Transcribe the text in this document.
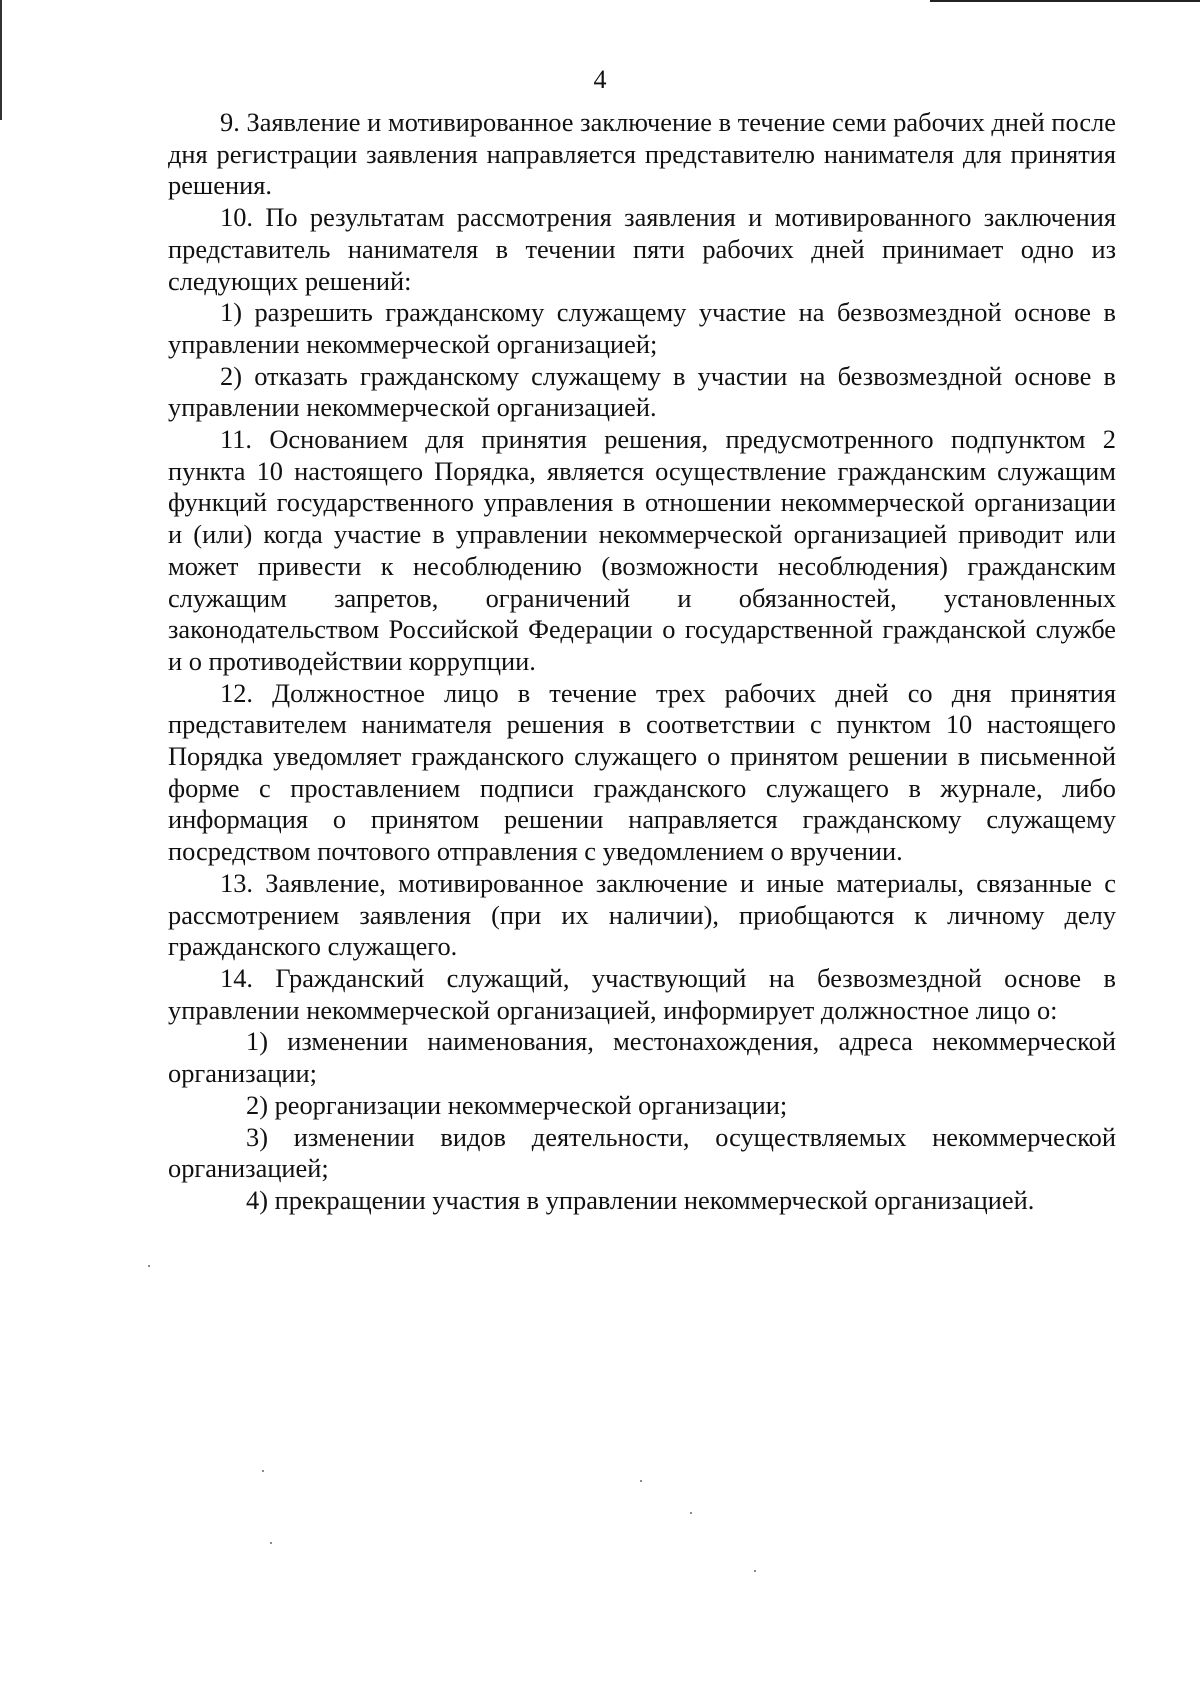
4

9. Заявление и мотивированное заключение в течение семи рабочих дней после дня регистрации заявления направляется представителю нанимателя для принятия решения.

10. По результатам рассмотрения заявления и мотивированного заключения представитель нанимателя в течении пяти рабочих дней принимает одно из следующих решений:

1) разрешить гражданскому служащему участие на безвозмездной основе в управлении некоммерческой организацией;

2) отказать гражданскому служащему в участии на безвозмездной основе в управлении некоммерческой организацией.

11. Основанием для принятия решения, предусмотренного подпунктом 2 пункта 10 настоящего Порядка, является осуществление гражданским служащим функций государственного управления в отношении некоммерческой организации и (или) когда участие в управлении некоммерческой организацией приводит или может привести к несоблюдению (возможности несоблюдения) гражданским служащим запретов, ограничений и обязанностей, установленных законодательством Российской Федерации о государственной гражданской службе и о противодействии коррупции.

12. Должностное лицо в течение трех рабочих дней со дня принятия представителем нанимателя решения в соответствии с пунктом 10 настоящего Порядка уведомляет гражданского служащего о принятом решении в письменной форме с проставлением подписи гражданского служащего в журнале, либо информация о принятом решении направляется гражданскому служащему посредством почтового отправления с уведомлением о вручении.

13. Заявление, мотивированное заключение и иные материалы, связанные с рассмотрением заявления (при их наличии), приобщаются к личному делу гражданского служащего.

14. Гражданский служащий, участвующий на безвозмездной основе в управлении некоммерческой организацией, информирует должностное лицо о:

1) изменении наименования, местонахождения, адреса некоммерческой организации;

2) реорганизации некоммерческой организации;

3) изменении видов деятельности, осуществляемых некоммерческой организацией;

4) прекращении участия в управлении некоммерческой организацией.
